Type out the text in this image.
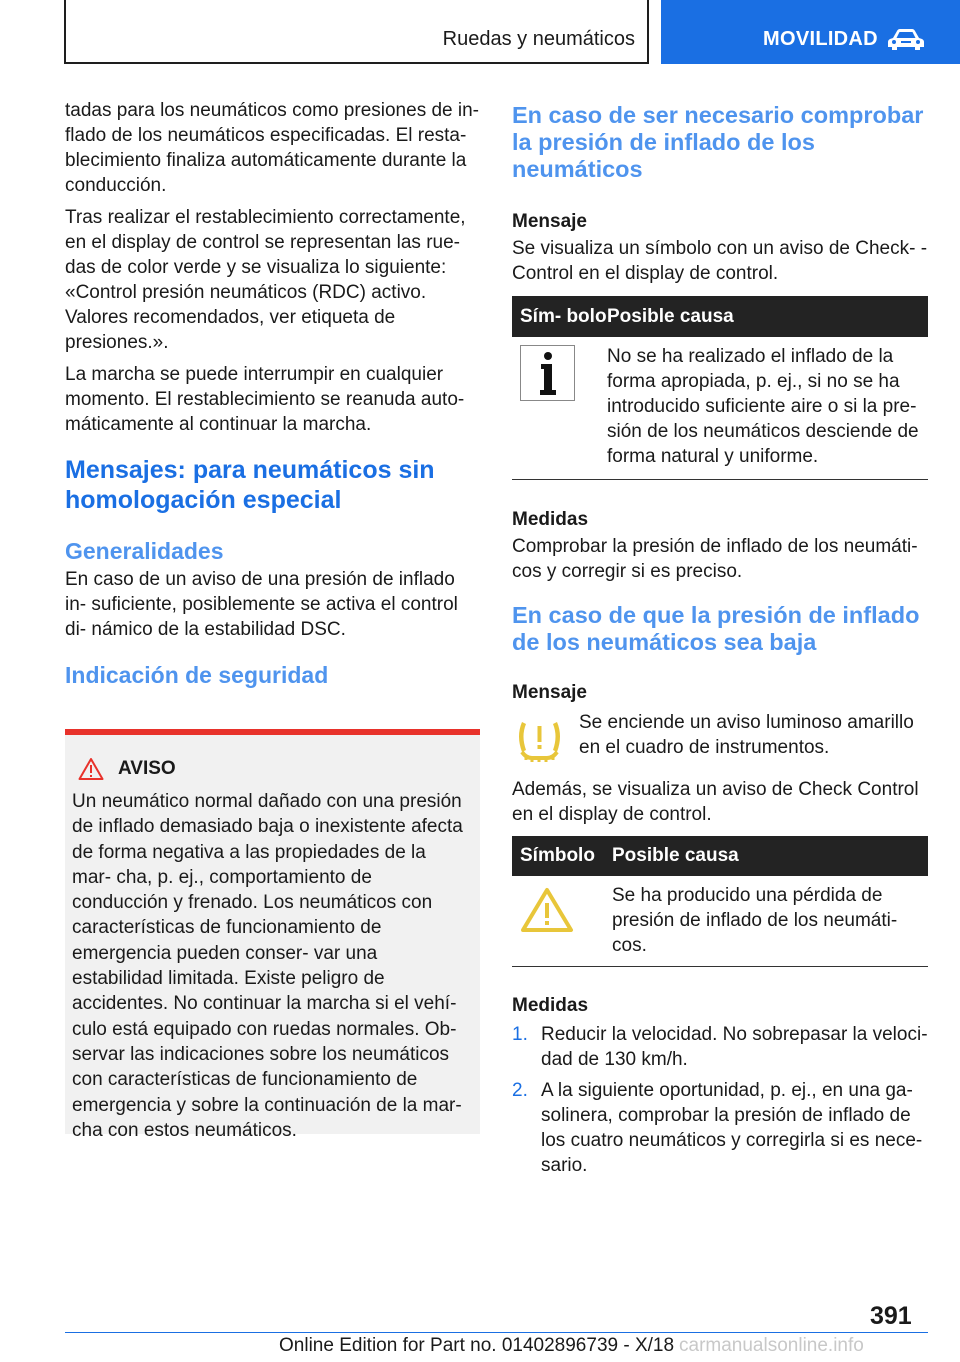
Ruedas y neumáticos	MOVILIDAD

tadas para los neumáticos como presiones de in‐ flado de los neumáticos especificadas. El resta‐ blecimiento finaliza automáticamente durante la conducción.

Tras realizar el restablecimiento correctamente, en el display de control se representan las rue‐ das de color verde y se visualiza lo siguiente: «Control presión neumáticos (RDC) activo. Valores recomendados, ver etiqueta de presiones.».

La marcha se puede interrumpir en cualquier momento. El restablecimiento se reanuda auto‐ máticamente al continuar la marcha.

Mensajes: para neumáticos sin homologación especial
Generalidades

En caso de un aviso de una presión de inflado in‐ suficiente, posiblemente se activa el control di‐ námico de la estabilidad DSC.

Indicación de seguridad
AVISO

Un neumático normal dañado con una presión de inflado demasiado baja o inexistente afecta de forma negativa a las propiedades de la mar‐ cha, p. ej., comportamiento de conducción y frenado. Los neumáticos con características de funcionamiento de emergencia pueden conser‐ var una estabilidad limitada. Existe peligro de accidentes. No continuar la marcha si el vehí‐ culo está equipado con ruedas normales. Ob‐ servar las indicaciones sobre los neumáticos con características de funcionamiento de emergencia y sobre la continuación de la mar‐ cha con estos neumáticos.

En caso de ser necesario comprobar la presión de inflado de los neumáticos
Mensaje

Se visualiza un símbolo con un aviso de Check- -Control en el display de control.

Sím‐ bolo	Posible causa
	No se ha realizado el inflado de la forma apropiada, p. ej., si no se ha introducido suficiente aire o si la pre‐ sión de los neumáticos desciende de forma natural y uniforme.
Medidas

Comprobar la presión de inflado de los neumáti‐ cos y corregir si es preciso.

En caso de que la presión de inflado de los neumáticos sea baja
Mensaje

Se enciende un aviso luminoso amarillo en el cuadro de instrumentos.

Además, se visualiza un aviso de Check Control en el display de control.

Símbolo	Posible causa
	Se ha producido una pérdida de presión de inflado de los neumáti‐ cos.
Medidas
1. Reducir la velocidad. No sobrepasar la veloci‐ dad de 130 km/h.
2. A la siguiente oportunidad, p. ej., en una ga‐ solinera, comprobar la presión de inflado de los cuatro neumáticos y corregirla si es nece‐ sario.
391
Online Edition for Part no. 01402896739 - X/18 carmanualsonline.info
